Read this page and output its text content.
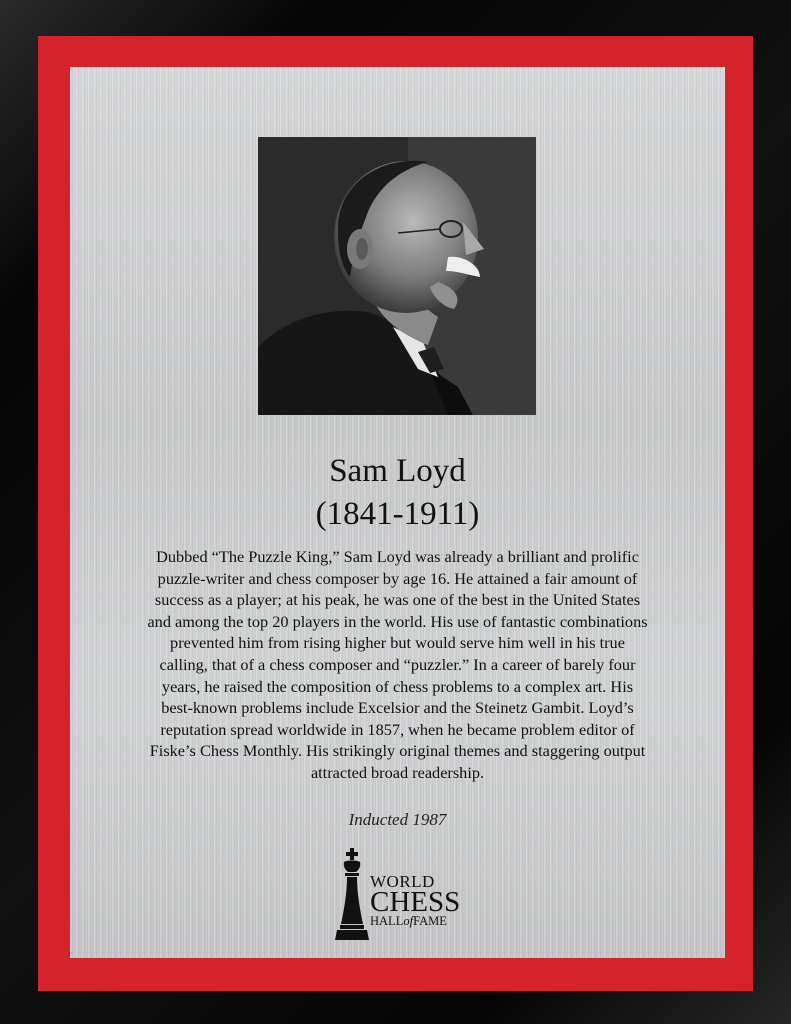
Sam Loyd
(1841-1911)
Dubbed “The Puzzle King,” Sam Loyd was already a brilliant and prolific
puzzle-writer and chess composer by age 16. He attained a fair amount of
success as a player; at his peak, he was one of the best in the United States
and among the top 20 players in the world. His use of fantastic combinations
prevented him from rising higher but would serve him well in his true
calling, that of a chess composer and “puzzler.” In a career of barely four
years, he raised the composition of chess problems to a complex art. His
best-known problems include Excelsior and the Steinetz Gambit. Loyd’s
reputation spread worldwide in 1857, when he became problem editor of
Fiske’s Chess Monthly. His strikingly original themes and staggering output
attracted broad readership.
Inducted 1987
WORLD
CHESS
HALLofFAME
